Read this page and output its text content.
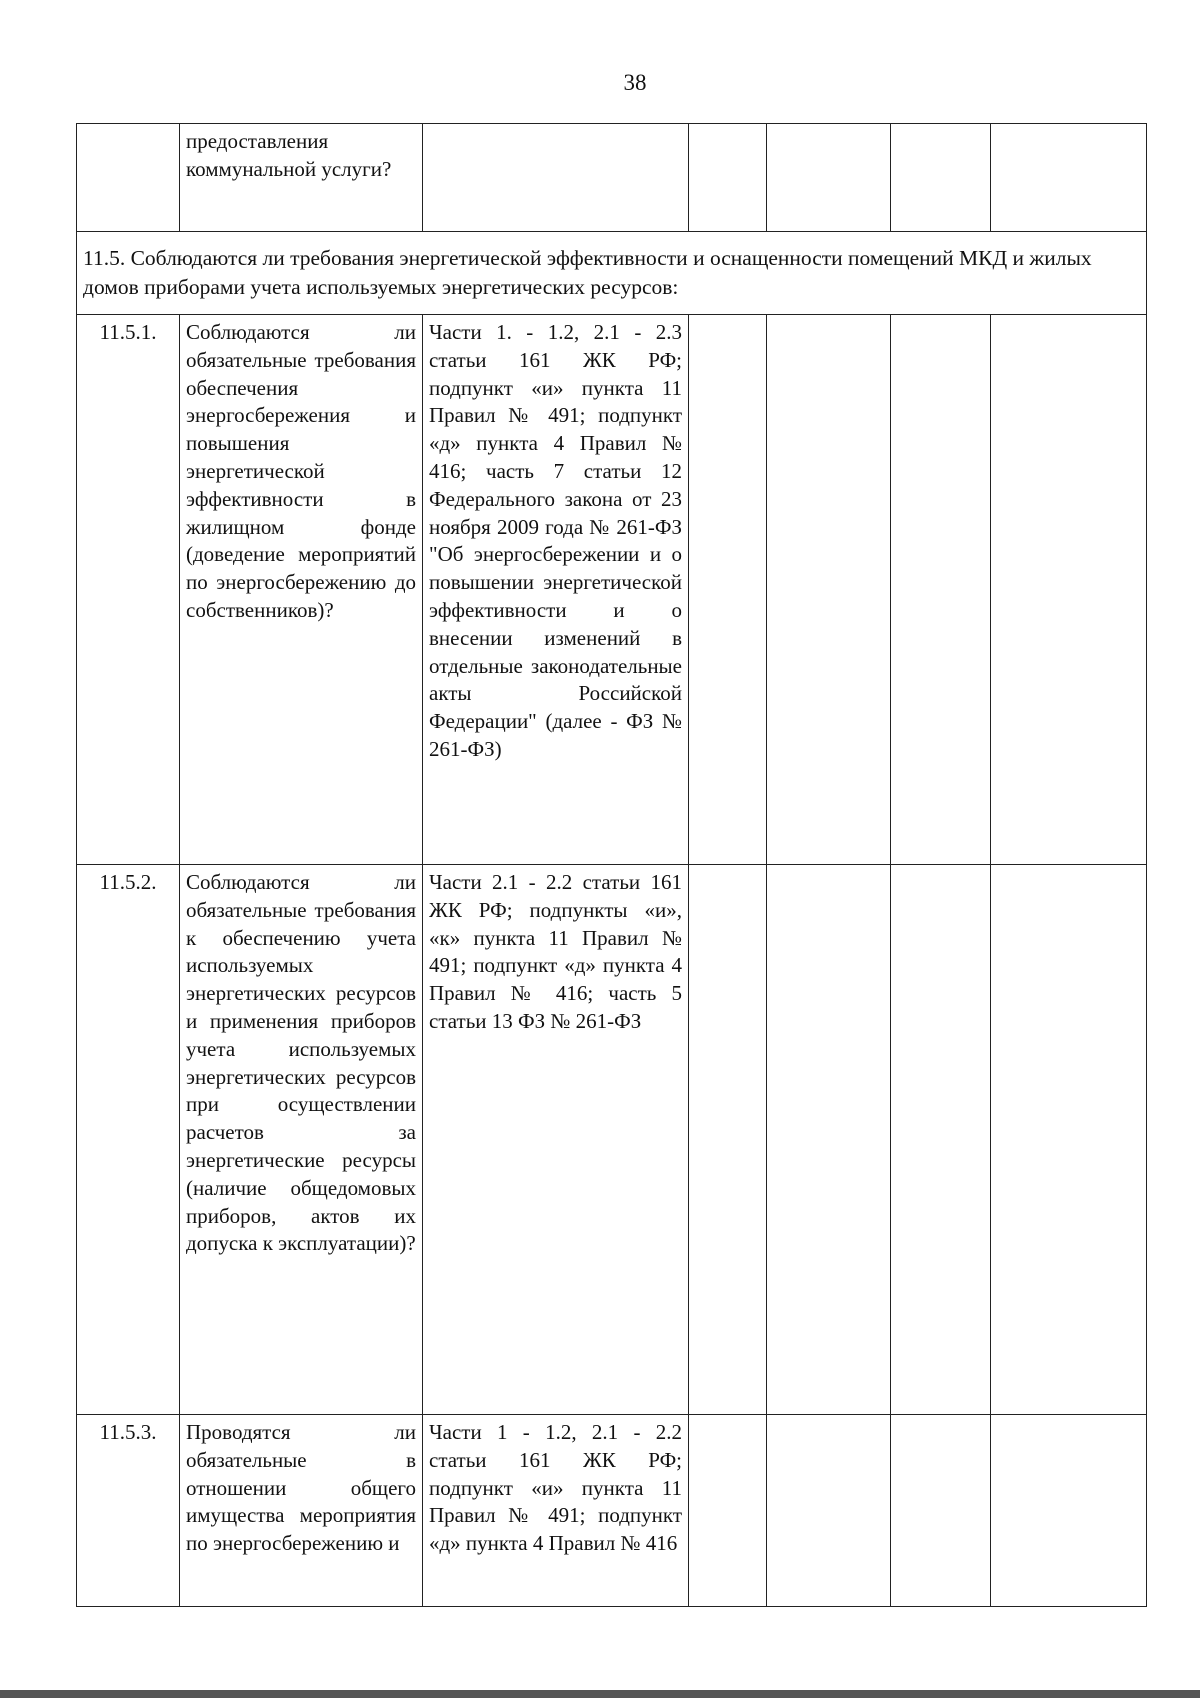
38
	предоставления коммунальной услуги?					
11.5. Соблюдаются ли требования энергетической эффективности и оснащенности помещений МКД и жилых домов приборами учета используемых энергетических ресурсов:						
11.5.1.	Соблюдаются ли обязательные требования обеспечения энергосбережения и повышения энергетической эффективности в жилищном фонде (доведение мероприятий по энергосбережению до собственников)?	Части 1. - 1.2, 2.1 - 2.3 статьи 161 ЖК РФ; подпункт «и» пункта 11 Правил № 491; подпункт «д» пункта 4 Правил № 416; часть 7 статьи 12 Федерального закона от 23 ноября 2009 года № 261-ФЗ "Об энергосбережении и о повышении энергетической эффективности и о внесении изменений в отдельные законодательные акты Российской Федерации" (далее - ФЗ № 261-ФЗ)				
11.5.2.	Соблюдаются ли обязательные требования к обеспечению учета используемых энергетических ресурсов и применения приборов учета используемых энергетических ресурсов при осуществлении расчетов за энергетические ресурсы (наличие общедомовых приборов, актов их допуска к эксплуатации)?	Части 2.1 - 2.2 статьи 161 ЖК РФ; подпункты «и», «к» пункта 11 Правил № 491; подпункт «д» пункта 4 Правил № 416; часть 5 статьи 13 ФЗ № 261-ФЗ				
11.5.3.	Проводятся ли обязательные в отношении общего имущества мероприятия по энергосбережению и	Части 1 - 1.2, 2.1 - 2.2 статьи 161 ЖК РФ; подпункт «и» пункта 11 Правил № 491; подпункт «д» пункта 4 Правил № 416				
